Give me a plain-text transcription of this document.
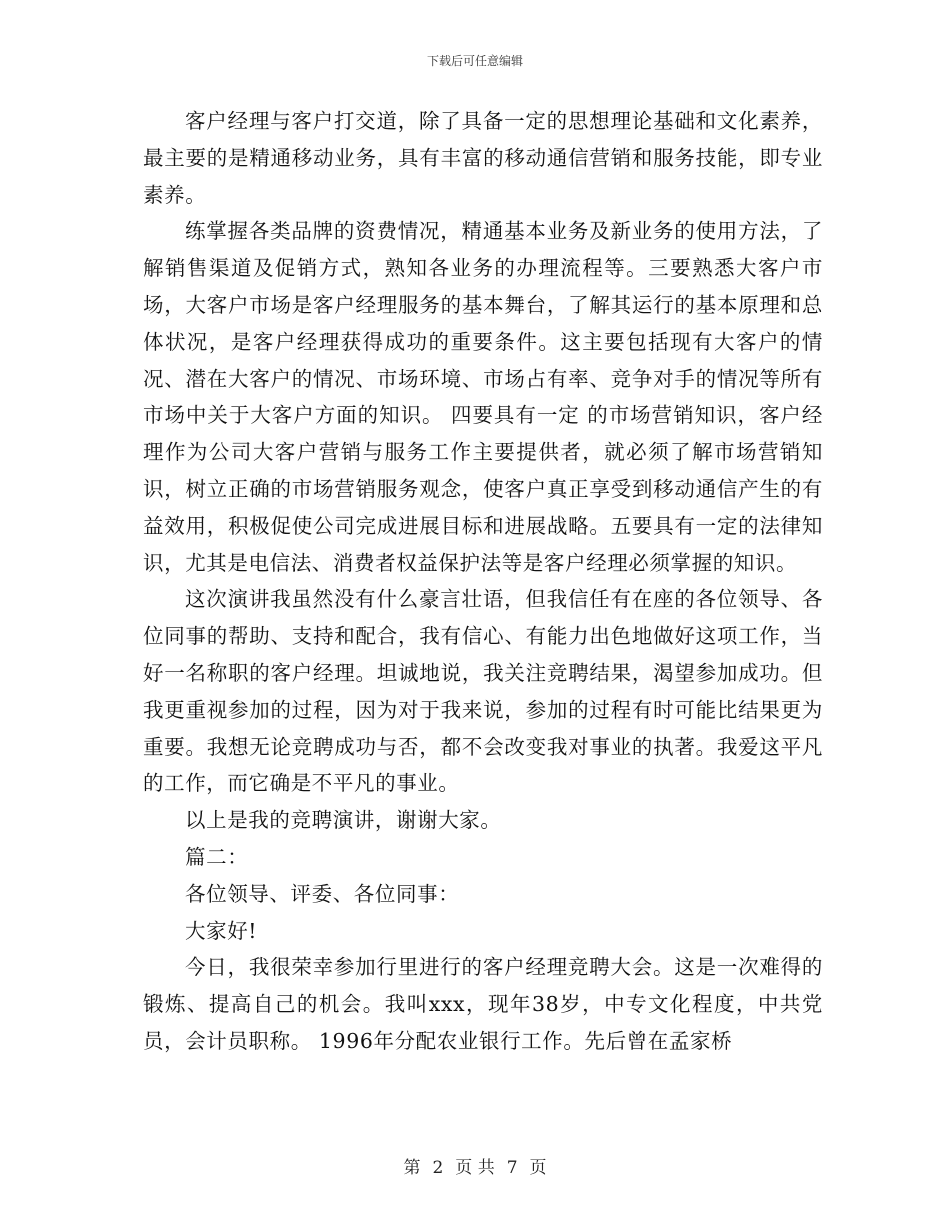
下载后可任意编辑

客户经理与客户打交道，除了具备一定的思想理论基础和文化素养，最主要的是精通移动业务，具有丰富的移动通信营销和服务技能，即专业素养。

练掌握各类品牌的资费情况，精通基本业务及新业务的使用方法，了解销售渠道及促销方式，熟知各业务的办理流程等。三要熟悉大客户市场，大客户市场是客户经理服务的基本舞台，了解其运行的基本原理和总体状况，是客户经理获得成功的重要条件。这主要包括现有大客户的情况、潜在大客户的情况、市场环境、市场占有率、竞争对手的情况等所有市场中关于大客户方面的知识。 四要具有一定 的市场营销知识，客户经理作为公司大客户营销与服务工作主要提供者，就必须了解市场营销知识，树立正确的市场营销服务观念，使客户真正享受到移动通信产生的有益效用，积极促使公司完成进展目标和进展战略。五要具有一定的法律知识，尤其是电信法、消费者权益保护法等是客户经理必须掌握的知识。

这次演讲我虽然没有什么豪言壮语，但我信任有在座的各位领导、各位同事的帮助、支持和配合，我有信心、有能力出色地做好这项工作，当好一名称职的客户经理。坦诚地说，我关注竞聘结果，渴望参加成功。但我更重视参加的过程，因为对于我来说，参加的过程有时可能比结果更为重要。我想无论竞聘成功与否，都不会改变我对事业的执著。我爱这平凡的工作，而它确是不平凡的事业。

以上是我的竞聘演讲，谢谢大家。

篇二：

各位领导、评委、各位同事：

大家好!

今日，我很荣幸参加行里进行的客户经理竞聘大会。这是一次难得的锻炼、提高自己的机会。我叫xxx，现年38岁，中专文化程度，中共党员，会计员职称。 1996年分配农业银行工作。先后曾在孟家桥

第 2 页 共 7 页
